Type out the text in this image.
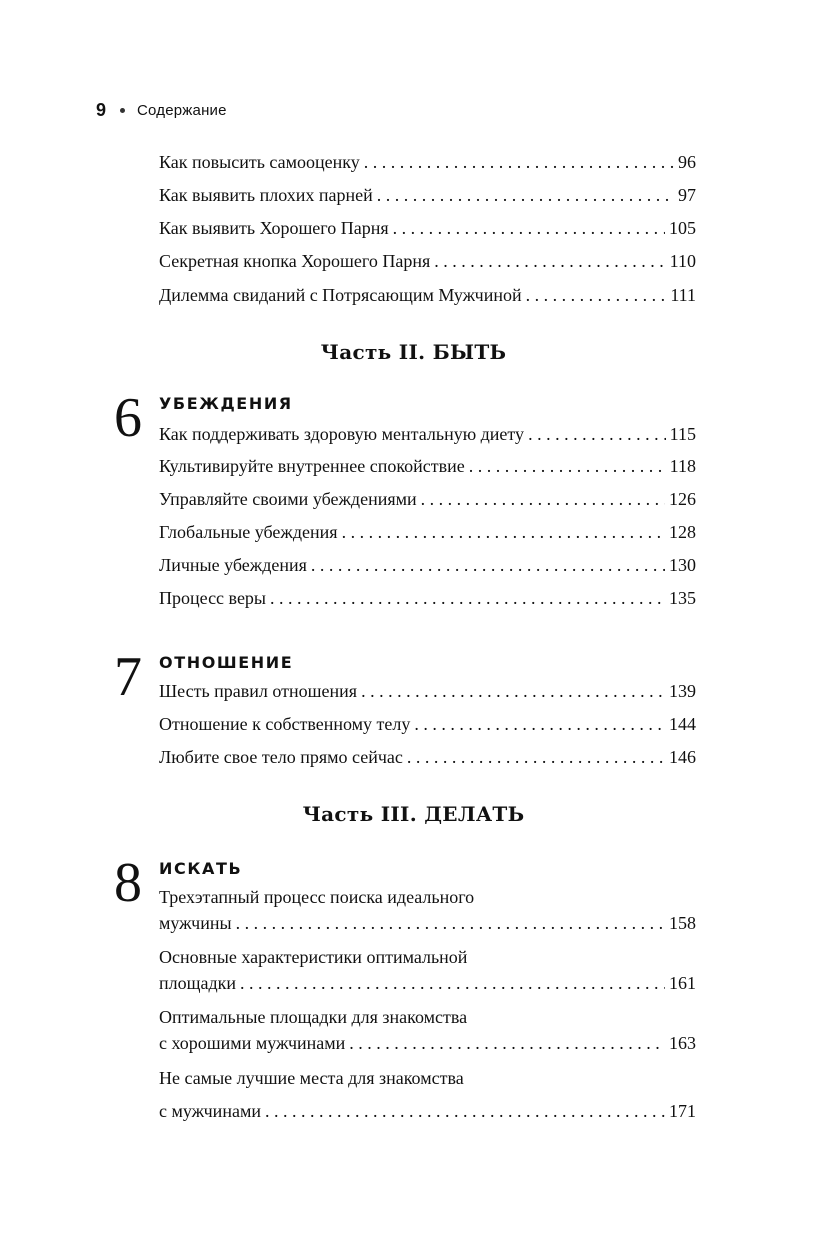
9 Содержание
Как повысить самооценку . . .	96
Как выявить плохих парней . . .	97
Как выявить Хорошего Парня . . .	105
Секретная кнопка Хорошего Парня . . .	110
Дилемма свиданий с Потрясающим Мужчиной . . .	111
Часть II. БЫТЬ
6 УБЕЖДЕНИЯ
Как поддерживать здоровую ментальную диету . . .	115
Культивируйте внутреннее спокойствие . . .	118
Управляйте своими убеждениями . . .	126
Глобальные убеждения . . .	128
Личные убеждения . . .	130
Процесс веры . . .	135
7 ОТНОШЕНИЕ
Шесть правил отношения . . .	139
Отношение к собственному телу . . .	144
Любите свое тело прямо сейчас . . .	146
Часть III. ДЕЛАТЬ
8 ИСКАТЬ
Трехэтапный процесс поиска идеального
мужчины . . .	158
Основные характеристики оптимальной
площадки . . .	161
Оптимальные площадки для знакомства
с хорошими мужчинами . . .	163
Не самые лучшие места для знакомства
с мужчинами . . .	171
